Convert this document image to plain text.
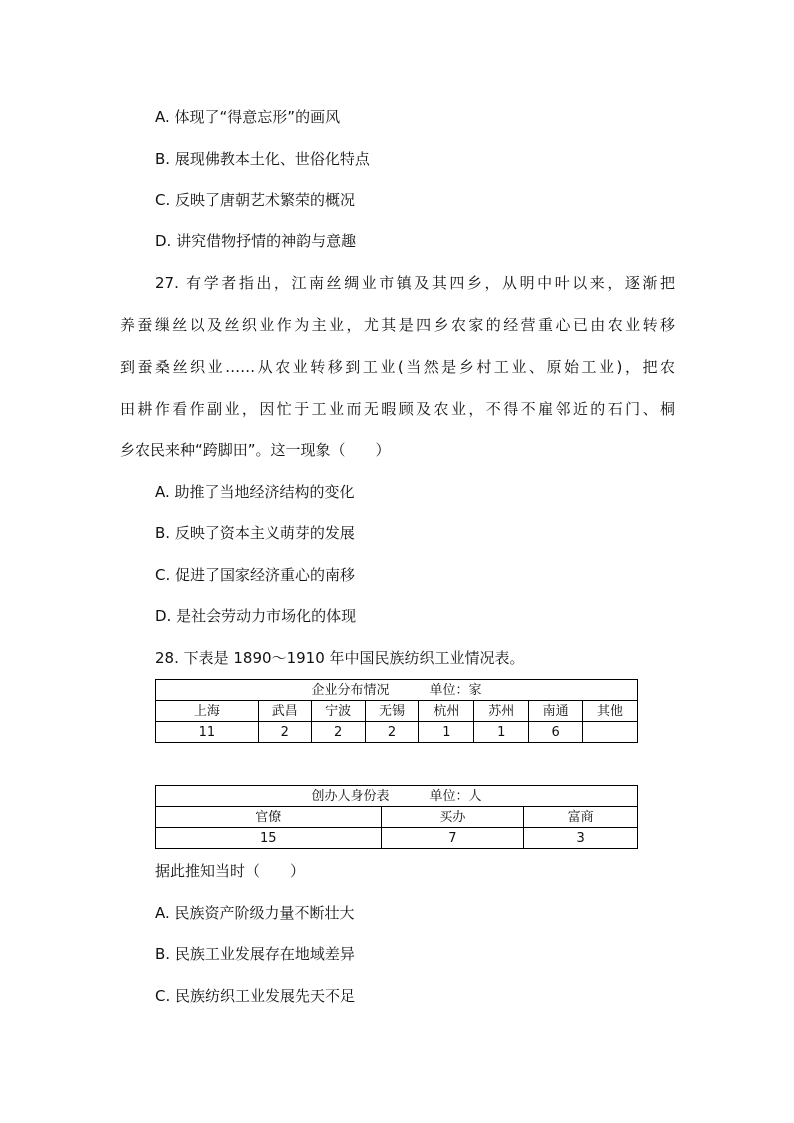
A. 体现了“得意忘形”的画风
B. 展现佛教本土化、世俗化特点
C. 反映了唐朝艺术繁荣的概况
D. 讲究借物抒情的神韵与意趣
27. 有学者指出，江南丝绸业市镇及其四乡，从明中叶以来，逐渐把
养蚕缫丝以及丝织业作为主业，尤其是四乡农家的经营重心已由农业转移
到蚕桑丝织业……从农业转移到工业(当然是乡村工业、原始工业)，把农
田耕作看作副业，因忙于工业而无暇顾及农业，不得不雇邻近的石门、桐
乡农民来种“跨脚田”。这一现象（　　）
A. 助推了当地经济结构的变化
B. 反映了资本主义萌芽的发展
C. 促进了国家经济重心的南移
D. 是社会劳动力市场化的体现
28. 下表是 1890～1910 年中国民族纺织工业情况表。
企业分布情况 单位：家							
上海	武昌	宁波	无锡	杭州	苏州	南通	其他
11	2	2	2	1	1	6	
创办人身份表 单位：人		
官僚	买办	富商
15	7	3
据此推知当时（　　）
A. 民族资产阶级力量不断壮大
B. 民族工业发展存在地域差异
C. 民族纺织工业发展先天不足
